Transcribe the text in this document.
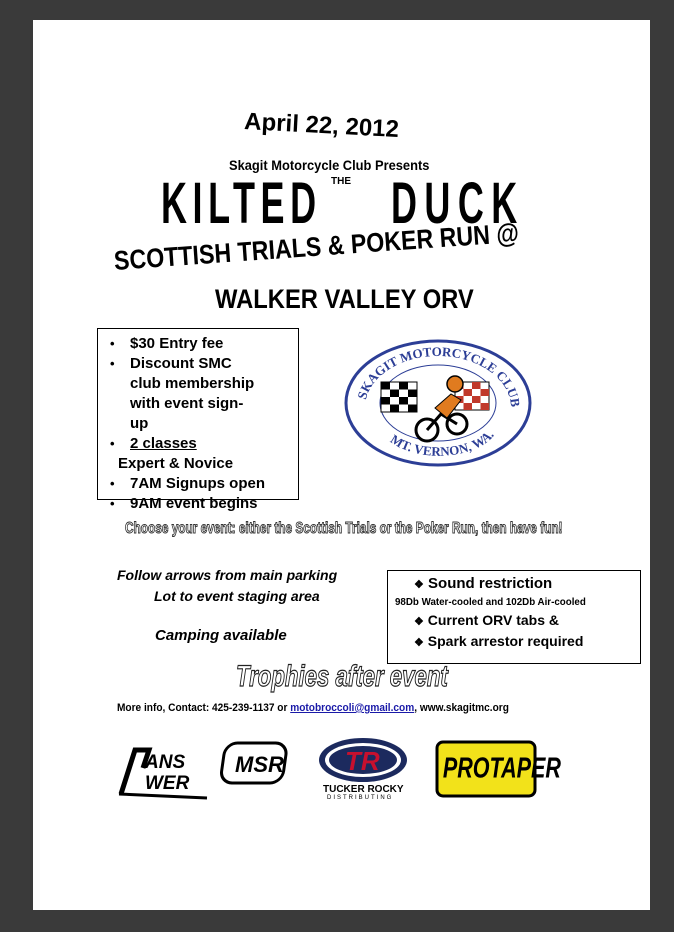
April 22, 2012
Skagit Motorcycle Club Presents
THE
KILTED DUCK
SCOTTISH TRIALS & POKER RUN @
WALKER VALLEY ORV
• $30 Entry fee
• Discount SMC club membership with event sign-up
• 2 classes
Expert & Novice
• 7AM Signups open
• 9AM event begins
SKAGIT MOTORCYCLE CLUB
MT. VERNON, WA.
Choose your event: either the Scottish Trials or the Poker Run, then have fun!
Follow arrows from main parking
Lot to event staging area
Camping available
❖ Sound restriction
98Db Water-cooled and 102Db Air-cooled
❖ Current ORV tabs &
❖ Spark arrestor required
Trophies after event
More info, Contact: 425-239-1137 or motobroccoli@gmail.com, www.skagitmc.org
ANS
WER
MSR TR
TUCKER ROCKY
DISTRIBUTING
PROTAPER
